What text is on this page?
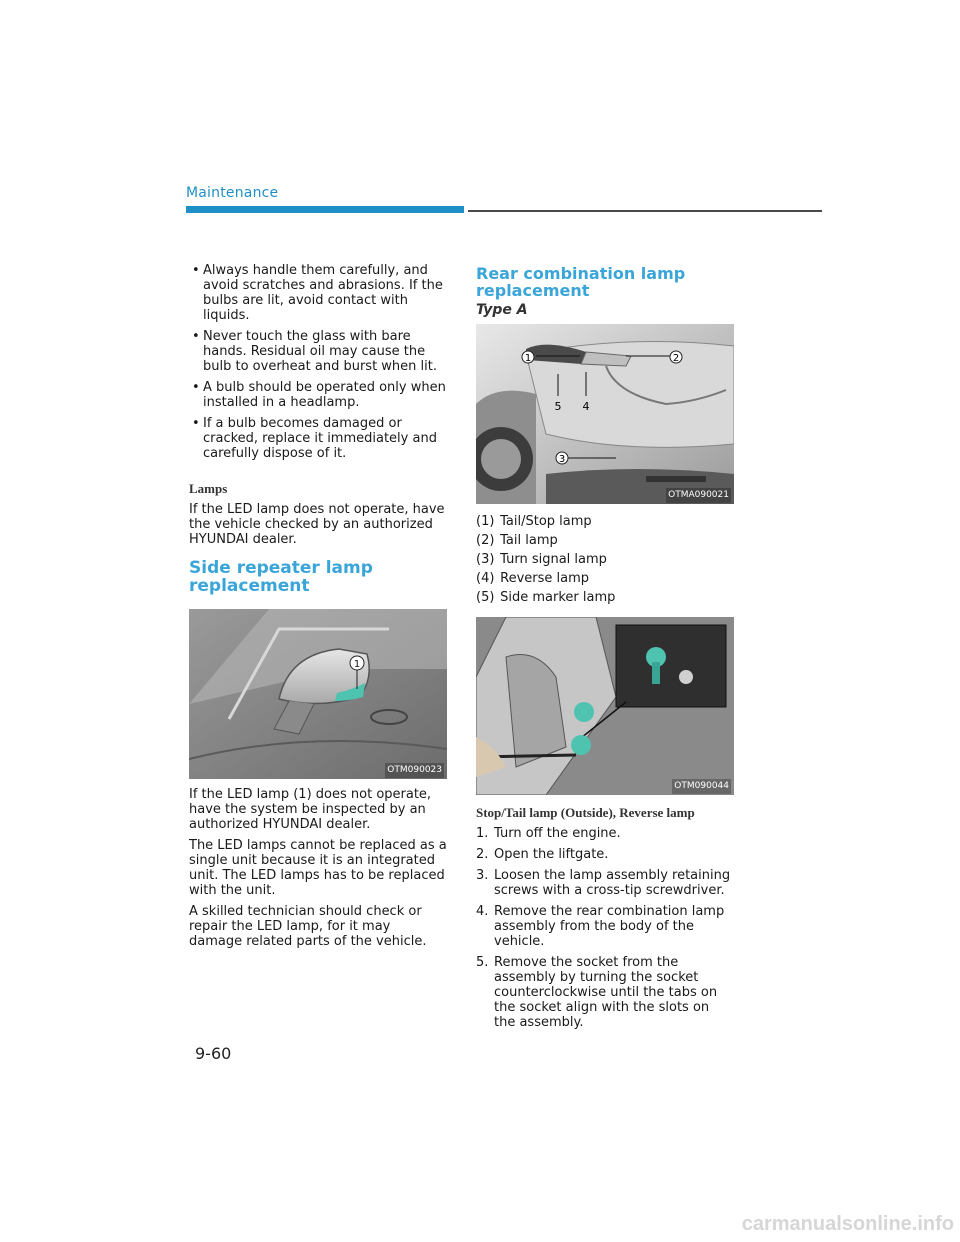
Maintenance
• Always handle them carefully, and avoid scratches and abrasions. If the bulbs are lit, avoid contact with liquids.
• Never touch the glass with bare hands. Residual oil may cause the bulb to overheat and burst when lit.
• A bulb should be operated only when installed in a headlamp.
• If a bulb becomes damaged or cracked, replace it immediately and carefully dispose of it.
Lamps

If the LED lamp does not operate, have the vehicle checked by an authorized HYUNDAI dealer.

Side repeater lamp replacement
1
OTM090023

If the LED lamp (1) does not operate, have the system be inspected by an authorized HYUNDAI dealer.

The LED lamps cannot be replaced as a single unit because it is an integrated unit. The LED lamps has to be replaced with the unit.

A skilled technician should check or repair the LED lamp, for it may damage related parts of the vehicle.

Rear combination lamp replacement
Type A
1	2
3
4
5
OTMA090021
(1) Tail/Stop lamp
(2) Tail lamp
(3) Turn signal lamp
(4) Reverse lamp
(5) Side marker lamp
OTM090044
Stop/Tail lamp (Outside), Reverse lamp
1. Turn off the engine.
2. Open the liftgate.
3. Loosen the lamp assembly retaining screws with a cross-tip screwdriver.
4. Remove the rear combination lamp assembly from the body of the vehicle.
5. Remove the socket from the assembly by turning the socket counterclockwise until the tabs on the socket align with the slots on the assembly.
9-60
carmanualsonline.info
